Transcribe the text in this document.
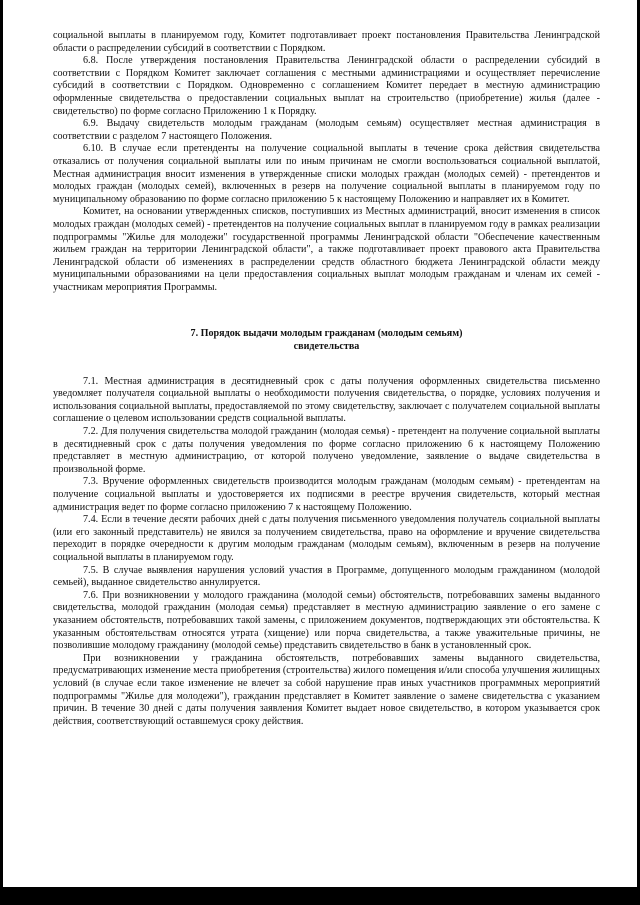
социальной выплаты в планируемом году, Комитет подготавливает проект постановления Правительства Ленинградской области о распределении субсидий в соответствии с Порядком.

6.8. После утверждения постановления Правительства Ленинградской области о распределении субсидий в соответствии с Порядком Комитет заключает соглашения с местными администрациями и осуществляет перечисление субсидий в соответствии с Порядком. Одновременно с соглашением Комитет передает в местную администрацию оформленные свидетельства о предоставлении социальных выплат на строительство (приобретение) жилья (далее - свидетельство) по форме согласно Приложению 1 к Порядку.

6.9. Выдачу свидетельств молодым гражданам (молодым семьям) осуществляет местная администрация в соответствии с разделом 7 настоящего Положения.

6.10. В случае если претенденты на получение социальной выплаты в течение срока действия свидетельства отказались от получения социальной выплаты или по иным причинам не смогли воспользоваться социальной выплатой, Местная администрация вносит изменения в утвержденные списки молодых граждан (молодых семей) - претендентов и молодых граждан (молодых семей), включенных в резерв на получение социальной выплаты в планируемом году по муниципальному образованию по форме согласно приложению 5 к настоящему Положению и направляет их в Комитет.

Комитет, на основании утвержденных списков, поступивших из Местных администраций, вносит изменения в список молодых граждан (молодых семей) - претендентов на получение социальных выплат в планируемом году в рамках реализации подпрограммы "Жилье для молодежи" государственной программы Ленинградской области "Обеспечение качественным жильем граждан на территории Ленинградской области", а также подготавливает проект правового акта Правительства Ленинградской области об изменениях в распределении средств областного бюджета Ленинградской области между муниципальными образованиями на цели предоставления социальных выплат молодым гражданам и членам их семей - участникам мероприятия Программы.

7. Порядок выдачи молодым гражданам (молодым семьям)
свидетельства

7.1. Местная администрация в десятидневный срок с даты получения оформленных свидетельства письменно уведомляет получателя социальной выплаты о необходимости получения свидетельства, о порядке, условиях получения и использования социальной выплаты, предоставляемой по этому свидетельству, заключает с получателем социальной выплаты соглашение о целевом использовании средств социальной выплаты.

7.2. Для получения свидетельства молодой гражданин (молодая семья) - претендент на получение социальной выплаты в десятидневный срок с даты получения уведомления по форме согласно приложению 6 к настоящему Положению представляет в местную администрацию, от которой получено уведомление, заявление о выдаче свидетельства в произвольной форме.

7.3. Вручение оформленных свидетельств производится молодым гражданам (молодым семьям) - претендентам на получение социальной выплаты и удостоверяется их подписями в реестре вручения свидетельств, который местная администрация ведет по форме согласно приложению 7 к настоящему Положению.

7.4. Если в течение десяти рабочих дней с даты получения письменного уведомления получатель социальной выплаты (или его законный представитель) не явился за получением свидетельства, право на оформление и вручение свидетельства переходит в порядке очередности к другим молодым гражданам (молодым семьям), включенным в резерв на получение социальной выплаты в планируемом году.

7.5. В случае выявления нарушения условий участия в Программе, допущенного молодым гражданином (молодой семьей), выданное свидетельство аннулируется.

7.6. При возникновении у молодого гражданина (молодой семьи) обстоятельств, потребовавших замены выданного свидетельства, молодой гражданин (молодая семья) представляет в местную администрацию заявление о его замене с указанием обстоятельств, потребовавших такой замены, с приложением документов, подтверждающих эти обстоятельства. К указанным обстоятельствам относятся утрата (хищение) или порча свидетельства, а также уважительные причины, не позволившие молодому гражданину (молодой семье) представить свидетельство в банк в установленный срок.

При возникновении у гражданина обстоятельств, потребовавших замены выданного свидетельства, предусматривающих изменение места приобретения (строительства) жилого помещения и/или способа улучшения жилищных условий (в случае если такое изменение не влечет за собой нарушение прав иных участников программных мероприятий подпрограммы "Жилье для молодежи"), гражданин представляет в Комитет заявление о замене свидетельства с указанием причин. В течение 30 дней с даты получения заявления Комитет выдает новое свидетельство, в котором указывается срок действия, соответствующий оставшемуся сроку действия.
